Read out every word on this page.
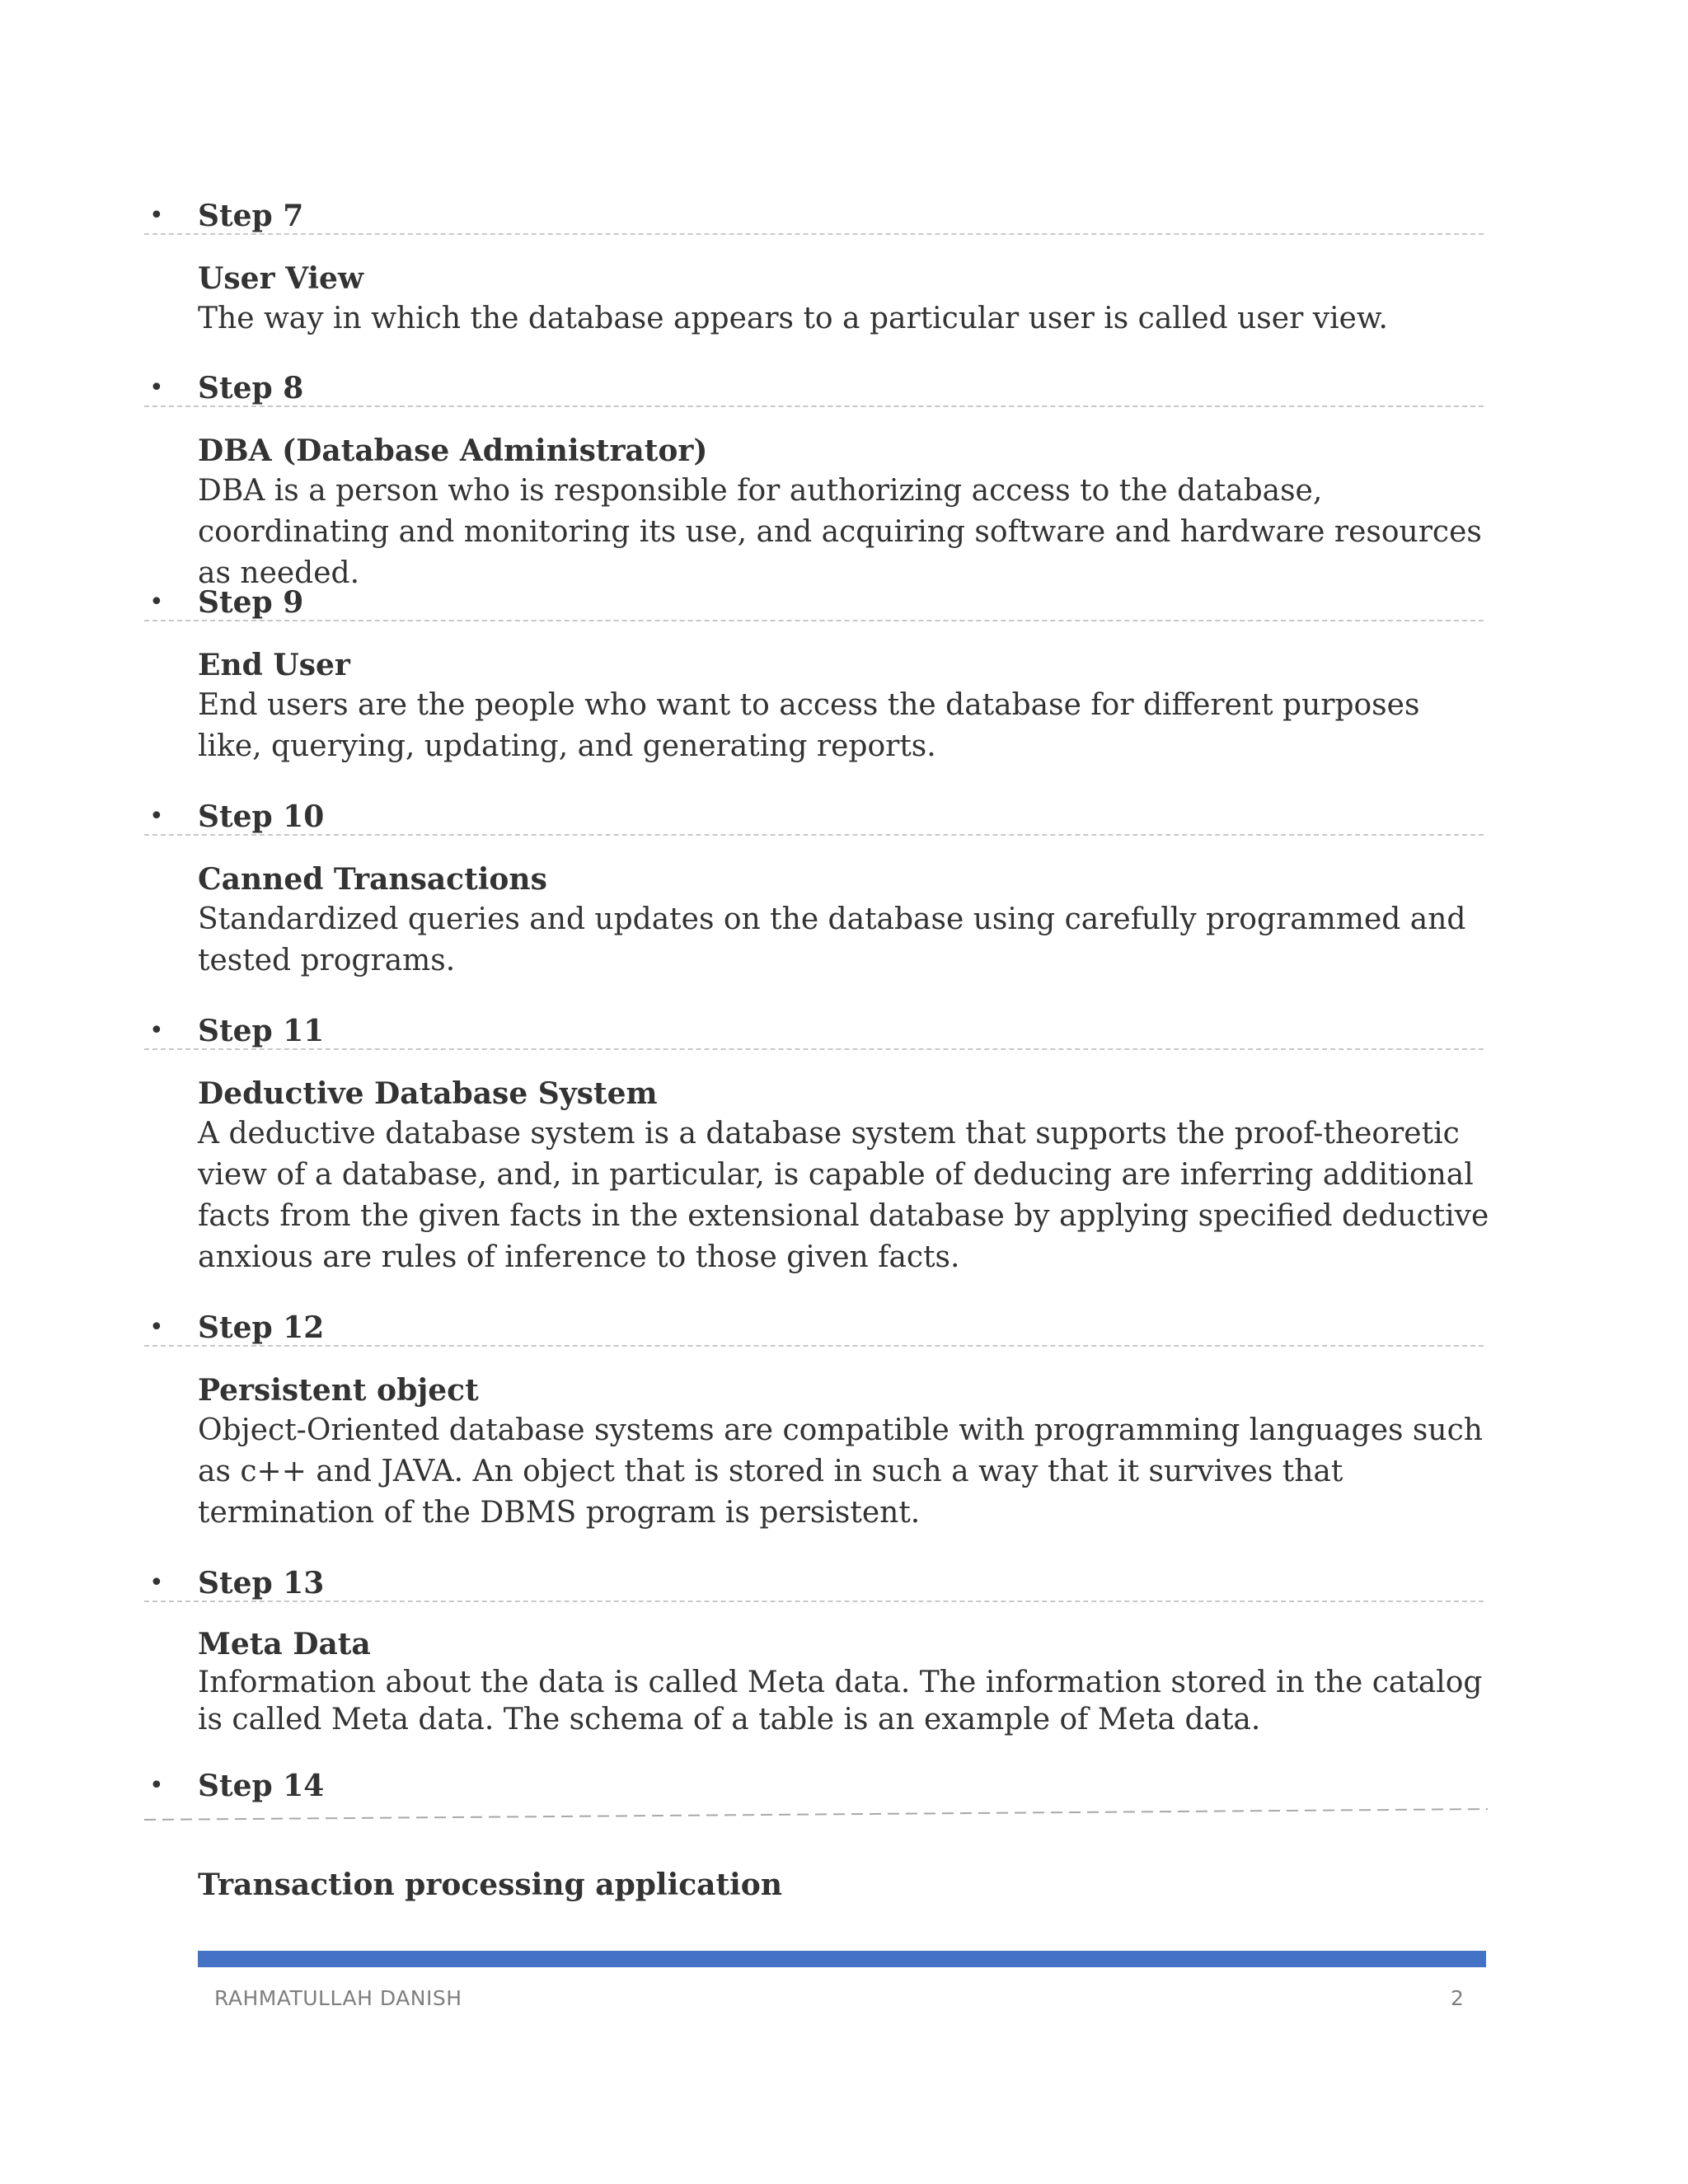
• Step 7
User View

The way in which the database appears to a particular user is called user view.

• Step 8
DBA (Database Administrator)

DBA is a person who is responsible for authorizing access to the database, coordinating and monitoring its use, and acquiring software and hardware resources as needed.

• Step 9
End User

End users are the people who want to access the database for different purposes like, querying, updating, and generating reports.

• Step 10
Canned Transactions

Standardized queries and updates on the database using carefully programmed and tested programs.

• Step 11
Deductive Database System

A deductive database system is a database system that supports the proof-theoretic view of a database, and, in particular, is capable of deducing are inferring additional facts from the given facts in the extensional database by applying specified deductive anxious are rules of inference to those given facts.

• Step 12
Persistent object

Object-Oriented database systems are compatible with programming languages such as c++ and JAVA. An object that is stored in such a way that it survives that termination of the DBMS program is persistent.

• Step 13
Meta Data

Information about the data is called Meta data. The information stored in the catalog is called Meta data. The schema of a table is an example of Meta data.

• Step 14
Transaction processing application
RAHMATULLAH DANISH	2
